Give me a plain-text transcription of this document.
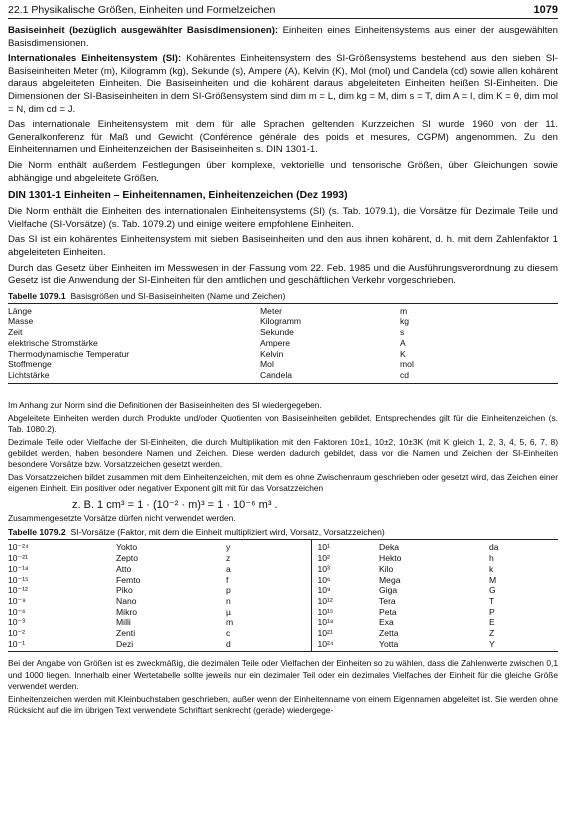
22.1 Physikalische Größen, Einheiten und Formelzeichen	1079

Basiseinheit (bezüglich ausgewählter Basisdimensionen): Einheiten eines Einheitensystems aus einer der ausgewählten Basisdimensionen.

Internationales Einheitensystem (SI): Kohärentes Einheitensystem des SI-Größensystems bestehend aus den sieben SI-Basiseinheiten Meter (m), Kilogramm (kg), Sekunde (s), Ampere (A), Kelvin (K), Mol (mol) und Candela (cd) sowie allen kohärent daraus abgeleiteten Einheiten. Die Basiseinheiten und die kohärent daraus abgeleiteten Einheiten heißen SI-Einheiten. Die Dimensionen der SI-Basiseinheiten in dem SI-Größensystem sind dim m = L, dim kg = M, dim s = T, dim A = I, dim K = θ, dim mol = N, dim cd = J.

Das internationale Einheitensystem mit dem für alle Sprachen geltenden Kurzzeichen SI wurde 1960 von der 11. Generalkonferenz für Maß und Gewicht (Conférence générale des poids et mesures, CGPM) angenommen. Zu den Einheitennamen und Einheitenzeichen der Basiseinheiten s. DIN 1301-1.

Die Norm enthält außerdem Festlegungen über komplexe, vektorielle und tensorische Größen, über Gleichungen sowie abhängige und abgeleitete Größen.

DIN 1301-1 Einheiten – Einheitennamen, Einheitenzeichen (Dez 1993)

Die Norm enthält die Einheiten des internationalen Einheitensystems (SI) (s. Tab. 1079.1), die Vorsätze für Dezimale Teile und Vielfache (SI-Vorsätze) (s. Tab. 1079.2) und einige weitere empfohlene Einheiten.

Das SI ist ein kohärentes Einheitensystem mit sieben Basiseinheiten und den aus ihnen kohärent, d. h. mit dem Zahlenfaktor 1 abgeleiteten Einheiten.

Durch das Gesetz über Einheiten im Messwesen in der Fassung vom 22. Feb. 1985 und die Ausführungsverordnung zu diesem Gesetz ist die Anwendung der SI-Einheiten für den amtlichen und geschäftlichen Verkehr vorgeschrieben.

Tabelle 1079.1 Basisgrößen und SI-Basiseinheiten (Name und Zeichen)
Länge	Meter	m
Masse	Kilogramm	kg
Zeit	Sekunde	s
elektrische Stromstärke	Ampere	A
Thermodynamische Temperatur	Kelvin	K
Stoffmenge	Mol	mol
Lichtstärke	Candela	cd

Im Anhang zur Norm sind die Definitionen der Basiseinheiten des SI wiedergegeben.

Abgeleitete Einheiten werden durch Produkte und/oder Quotienten von Basiseinheiten gebildet. Entsprechendes gilt für die Einheitenzeichen (s. Tab. 1080.2).

Dezimale Teile oder Vielfache der SI-Einheiten, die durch Multiplikation mit den Faktoren 10±1, 10±2, 10±3K (mit K gleich 1, 2, 3, 4, 5, 6, 7, 8) gebildet werden, haben besondere Namen und Zeichen. Diese werden dadurch gebildet, dass vor die Namen und Zeichen der SI-Einheiten besondere Vorsätze bzw. Vorsatzzeichen gesetzt werden.

Das Vorsatzzeichen bildet zusammen mit dem Einheitenzeichen, mit dem es ohne Zwischenraum geschrieben oder gesetzt wird, das Zeichen einer eigenen Einheit. Ein positiver oder negativer Exponent gilt mit für das Vorsatzzeichen

z. B. 1 cm³ = 1 · (10⁻² · m)³ = 1 · 10⁻⁶ m³ .

Zusammengesetzte Vorsätze dürfen nicht verwendet werden.

Tabelle 1079.2 SI-Vorsätze (Faktor, mit dem die Einheit multipliziert wird, Vorsatz, Vorsatzzeichen)
10⁻²⁴	Yokto	y	10¹	Deka	da
10⁻²¹	Zepto	z	10²	Hekto	h
10⁻¹⁸	Atto	a	10³	Kilo	k
10⁻¹⁵	Femto	f	10⁶	Mega	M
10⁻¹²	Piko	p	10⁹	Giga	G
10⁻⁹	Nano	n	10¹²	Tera	T
10⁻⁶	Mikro	µ	10¹⁵	Peta	P
10⁻³	Milli	m	10¹⁸	Exa	E
10⁻²	Zenti	c	10²¹	Zetta	Z
10⁻¹	Dezi	d	10²⁴	Yotta	Y

Bei der Angabe von Größen ist es zweckmäßig, die dezimalen Teile oder Vielfachen der Einheiten so zu wählen, dass die Zahlenwerte zwischen 0,1 und 1000 liegen. Innerhalb einer Wertetabelle sollte jeweils nur ein dezimaler Teil oder ein dezimales Vielfaches der Einheit für die gleiche Größe verwendet werden.

Einheitenzeichen werden mit Kleinbuchstaben geschrieben, außer wenn der Einheitenname von einem Eigennamen abgeleitet ist. Sie werden ohne Rücksicht auf die im übrigen Text verwendete Schriftart senkrecht (gerade) wiedergege-
